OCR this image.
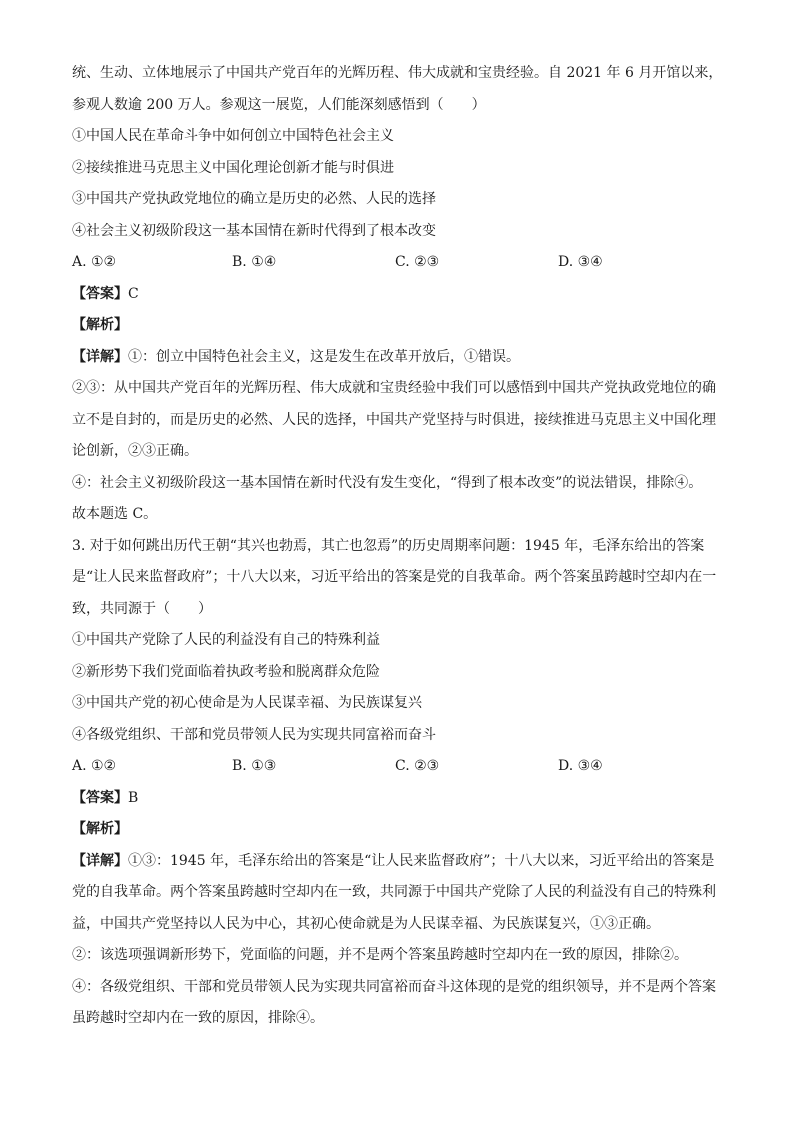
统、生动、立体地展示了中国共产党百年的光辉历程、伟大成就和宝贵经验。自 2021 年 6 月开馆以来，
参观人数逾 200 万人。参观这一展览，人们能深刻感悟到（　　）
①中国人民在革命斗争中如何创立中国特色社会主义
②接续推进马克思主义中国化理论创新才能与时俱进
③中国共产党执政党地位的确立是历史的必然、人民的选择
④社会主义初级阶段这一基本国情在新时代得到了根本改变
A. ①②	B. ①④	C. ②③	D. ③④
【答案】C
【解析】
【详解】①：创立中国特色社会主义，这是发生在改革开放后，①错误。
②③：从中国共产党百年的光辉历程、伟大成就和宝贵经验中我们可以感悟到中国共产党执政党地位的确立不是自封的，而是历史的必然、人民的选择，中国共产党坚持与时俱进，接续推进马克思主义中国化理论创新，②③正确。
④：社会主义初级阶段这一基本国情在新时代没有发生变化，“得到了根本改变”的说法错误，排除④。
故本题选 C。
3. 对于如何跳出历代王朝“其兴也勃焉，其亡也忽焉”的历史周期率问题：1945 年，毛泽东给出的答案是“让人民来监督政府”；十八大以来，习近平给出的答案是党的自我革命。两个答案虽跨越时空却内在一致，共同源于（　　）
①中国共产党除了人民的利益没有自己的特殊利益
②新形势下我们党面临着执政考验和脱离群众危险
③中国共产党的初心使命是为人民谋幸福、为民族谋复兴
④各级党组织、干部和党员带领人民为实现共同富裕而奋斗
A. ①②	B. ①③	C. ②③	D. ③④
【答案】B
【解析】
【详解】①③：1945 年，毛泽东给出的答案是“让人民来监督政府”；十八大以来，习近平给出的答案是党的自我革命。两个答案虽跨越时空却内在一致，共同源于中国共产党除了人民的利益没有自己的特殊利益，中国共产党坚持以人民为中心，其初心使命就是为人民谋幸福、为民族谋复兴，①③正确。
②：该选项强调新形势下，党面临的问题，并不是两个答案虽跨越时空却内在一致的原因，排除②。
④：各级党组织、干部和党员带领人民为实现共同富裕而奋斗这体现的是党的组织领导，并不是两个答案虽跨越时空却内在一致的原因，排除④。
